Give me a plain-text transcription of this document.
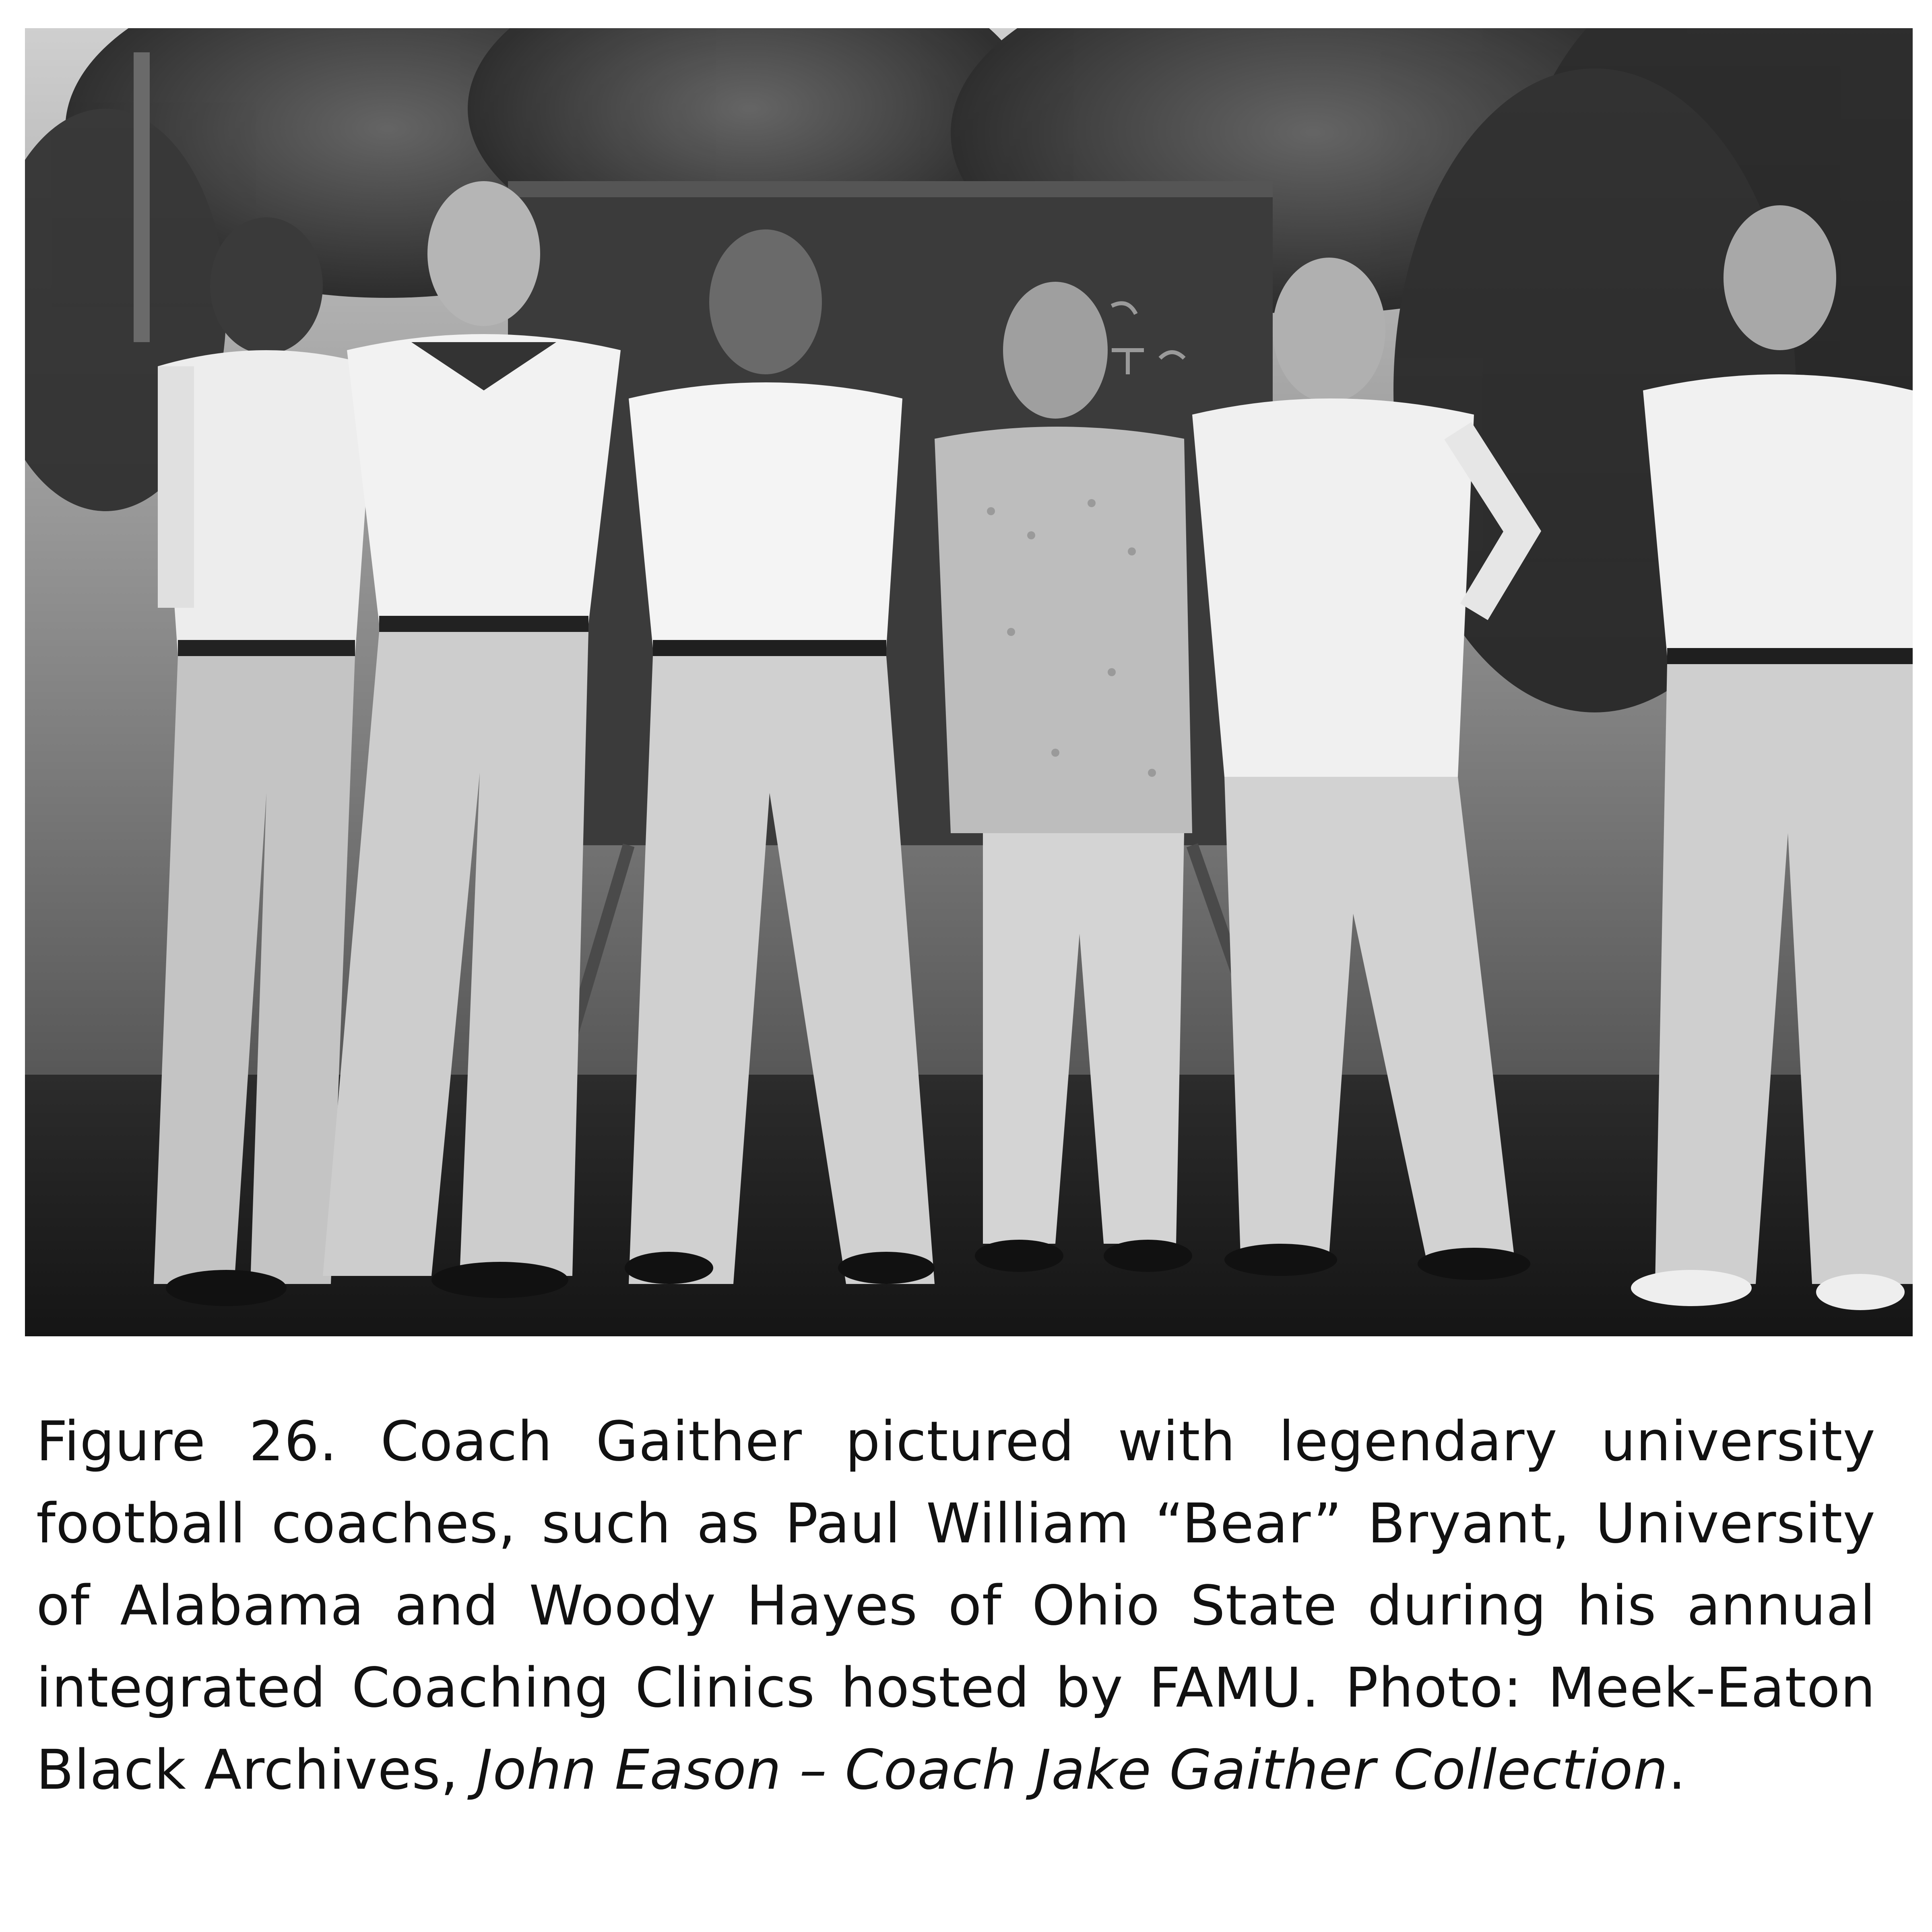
Figure 26. Coach Gaither pictured with legendary university football coaches, such as Paul William “Bear” Bryant, University of Alabama and Woody Hayes of Ohio State during his annual integrated Coaching Clinics hosted by FAMU. Photo: Meek-Eaton Black Archives, John Eason – Coach Jake Gaither Collection.
